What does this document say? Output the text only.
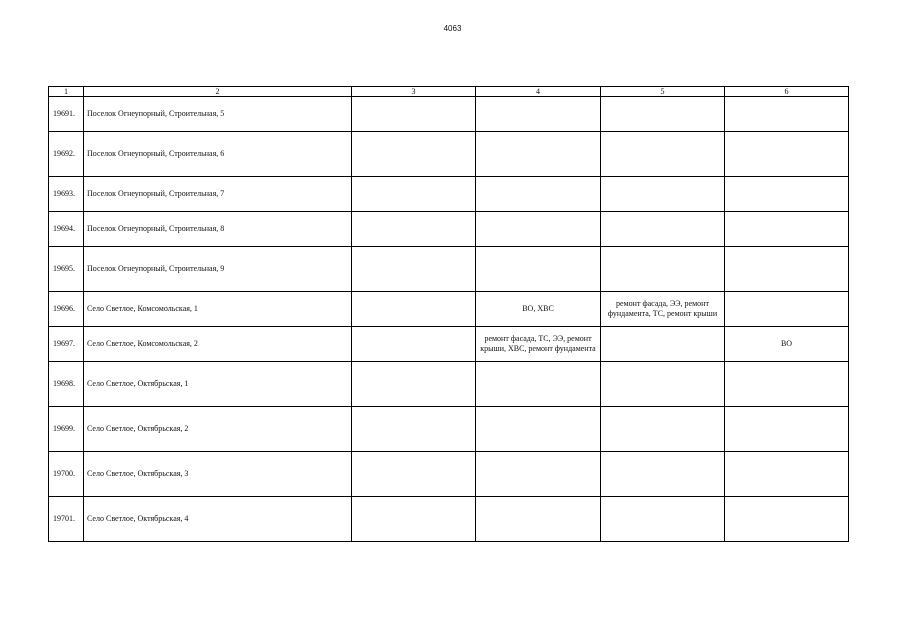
4063
1	2	3	4	5	6
19691.	Поселок Огнеупорный, Строительная, 5				
19692.	Поселок Огнеупорный, Строительная, 6				
19693.	Поселок Огнеупорный, Строительная, 7				
19694.	Поселок Огнеупорный, Строительная, 8				
19695.	Поселок Огнеупорный, Строительная, 9				
19696.	Село Светлое, Комсомольская, 1		ВО, ХВС	ремонт фасада, ЭЭ, ремонт фундамента, ТС, ремонт крыши	
19697.	Село Светлое, Комсомольская, 2		ремонт фасада, ТС, ЭЭ, ремонт крыши, ХВС, ремонт фундамента		ВО
19698.	Село Светлое, Октябрьская, 1				
19699.	Село Светлое, Октябрьская, 2				
19700.	Село Светлое, Октябрьская, 3				
19701.	Село Светлое, Октябрьская, 4				
